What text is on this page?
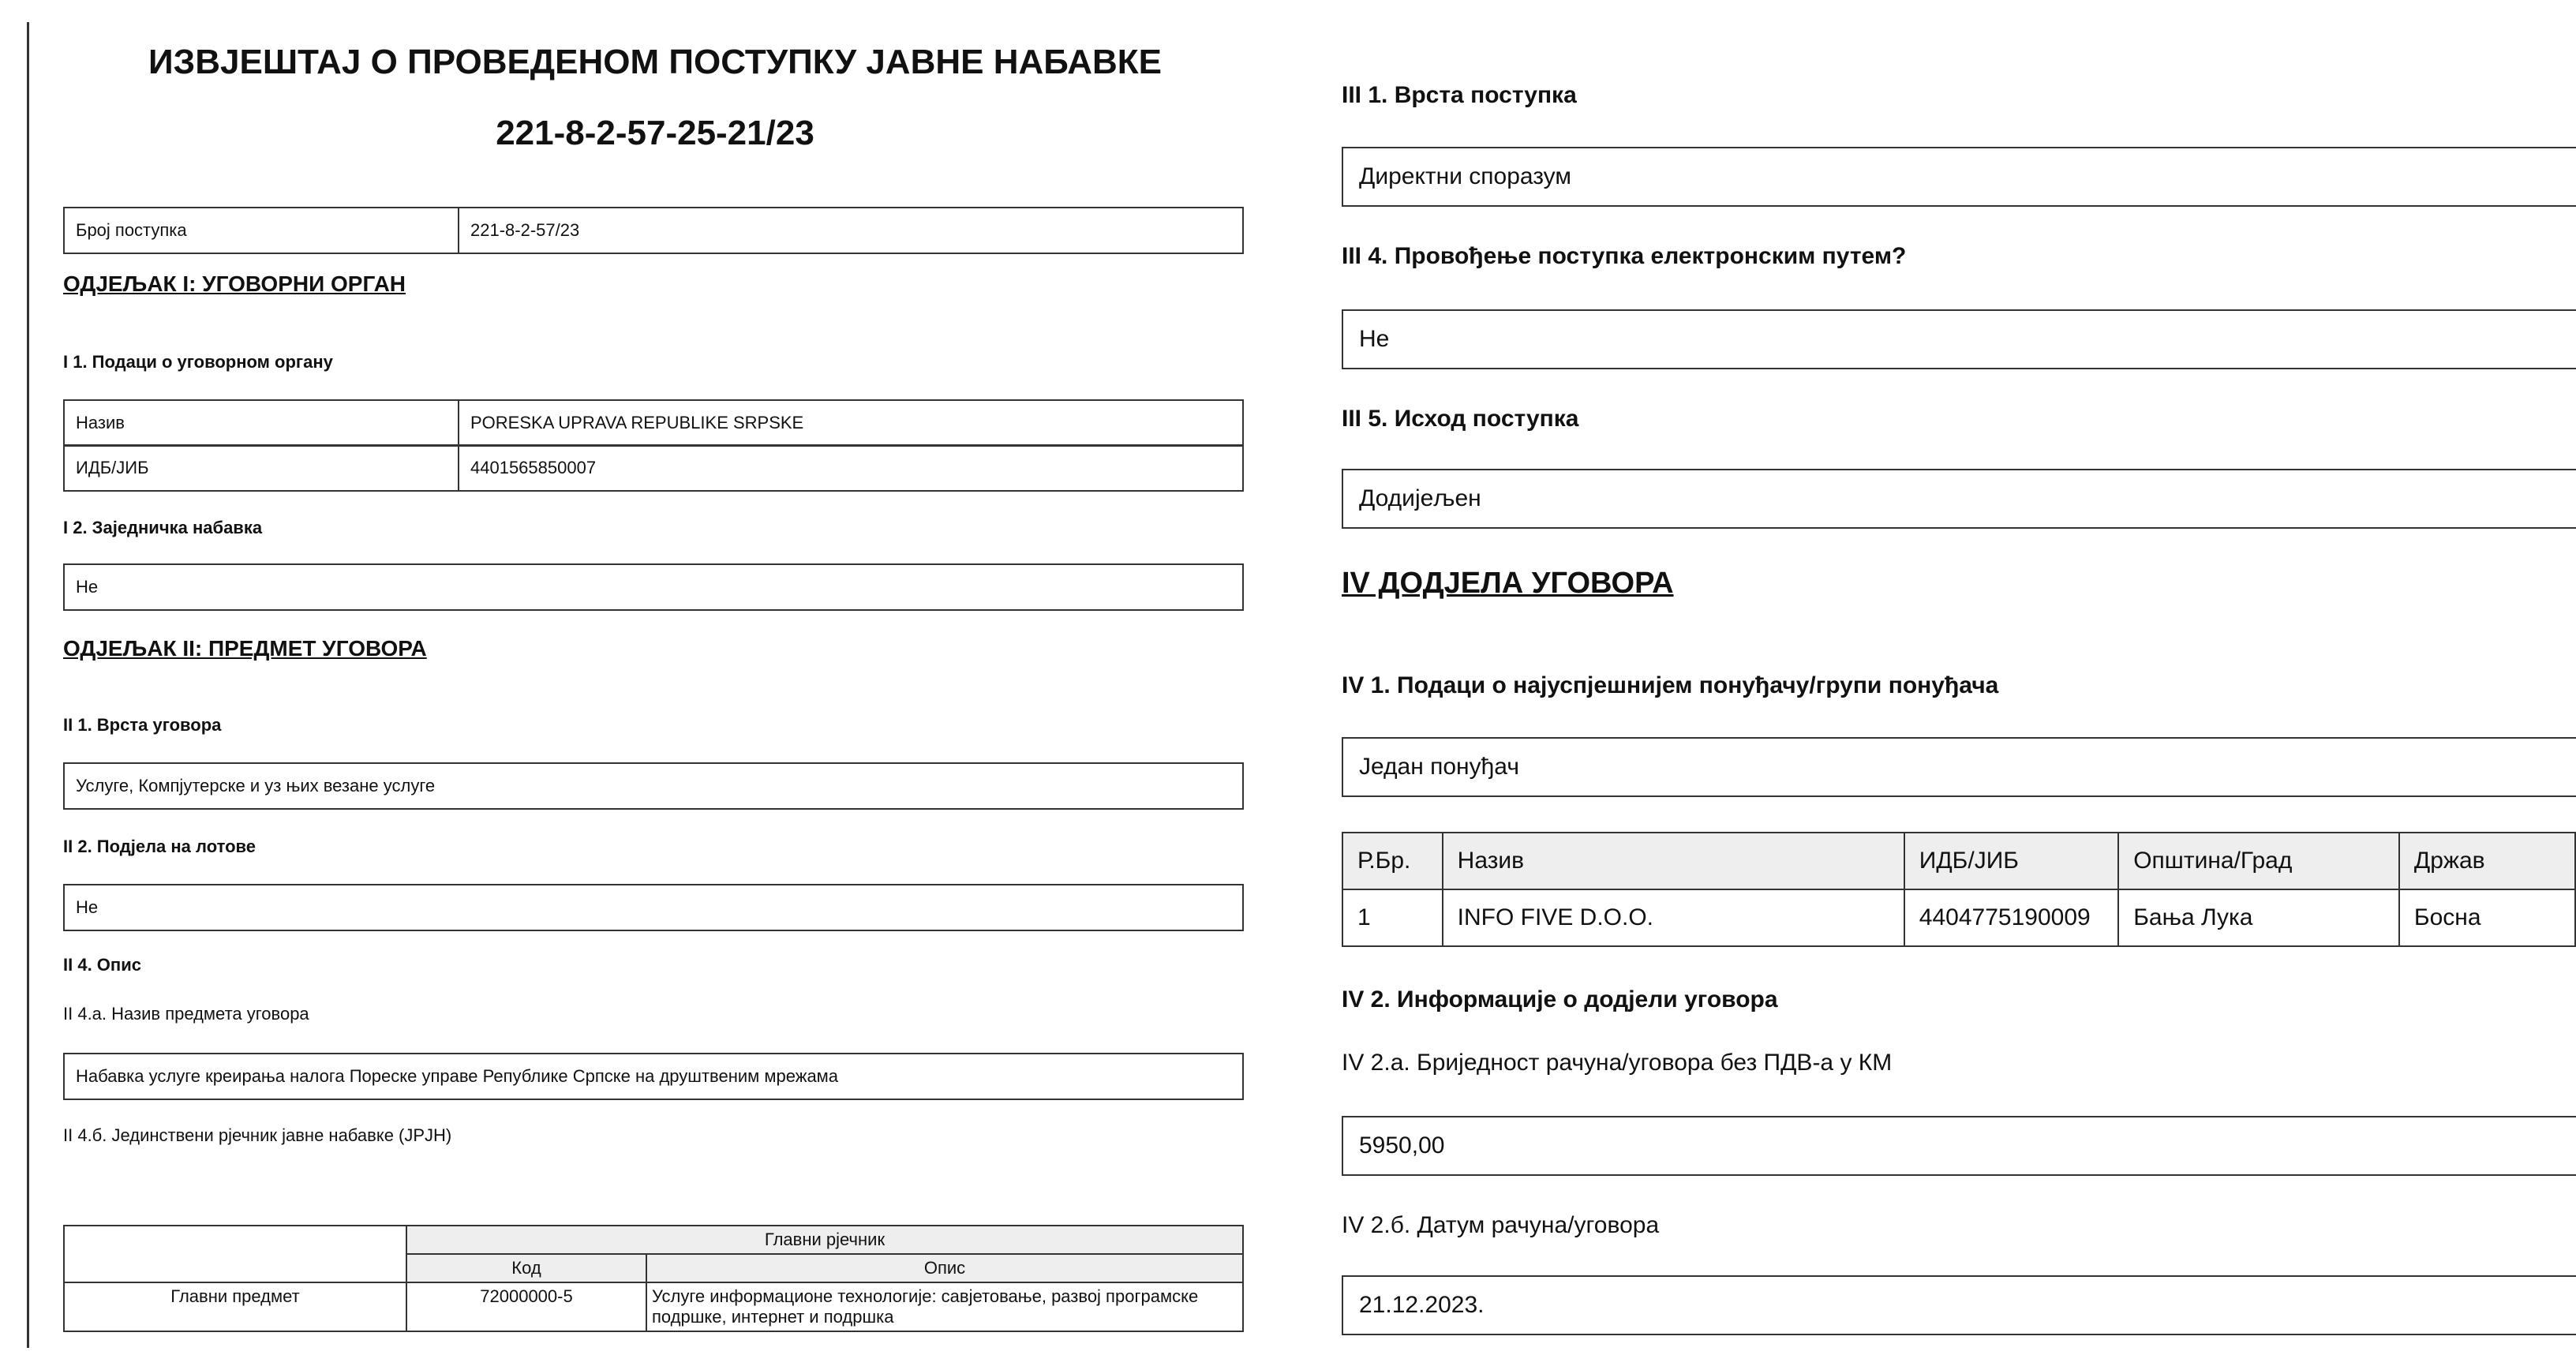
ИЗВЈЕШТАЈ О ПРОВЕДЕНОМ ПОСТУПКУ ЈАВНЕ НАБАВКЕ
221-8-2-57-25-21/23
Број поступка	221-8-2-57/23
ОДЈЕЉАК I: УГОВОРНИ ОРГАН
I 1. Подаци о уговорном органу
Назив	PORESKA UPRAVA REPUBLIKE SRPSKE
ИДБ/ЈИБ	4401565850007
I 2. Заједничка набавка
Не
ОДЈЕЉАК II: ПРЕДМЕТ УГОВОРА
II 1. Врста уговора
Услуге, Компјутерске и уз њих везане услуге
II 2. Подјела на лотове
Не
II 4. Опис
II 4.a. Назив предмета уговора
Набавка услуге креирања налога Пореске управе Републике Српске на друштвеним мрежама
II 4.б. Јединствени рјечник јавне набавке (JPJH)
	Главни рјечник	
	Код	Опис
Главни предмет	72000000-5	Услуге информационе технологије: савјетовање, развој програмске подршке, интернет и подршка
III 1. Врста поступка
Директни споразум
III 4. Провођење поступка електронским путем?
Не
III 5. Исход поступка
Додијељен
IV ДОДЈЕЛА УГОВОРА
IV 1. Подаци о најуспјешнијем понуђачу/групи понуђача
Један понуђач
Р.Бр.	Назив	ИДБ/ЈИБ	Општина/Град	Држав
1	INFO FIVE D.O.O.	4404775190009	Бања Лука	Босна
IV 2. Информације о додјели уговора
IV 2.a. Бриједност рачуна/уговора без ПДВ-а у КМ
5950,00
IV 2.б. Датум рачуна/уговора
21.12.2023.
